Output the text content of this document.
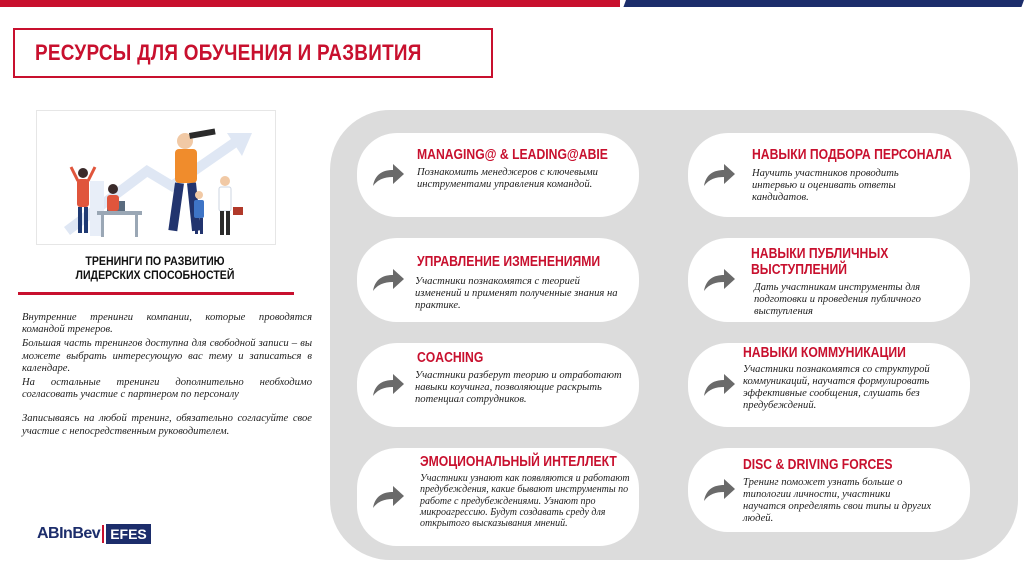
РЕСУРСЫ ДЛЯ ОБУЧЕНИЯ И РАЗВИТИЯ
ТРЕНИНГИ ПО РАЗВИТИЮ
ЛИДЕРСКИХ СПОСОБНОСТЕЙ

Внутренние тренинги компании, которые проводятся командой тренеров.

Большая часть тренингов доступна для свободной записи – вы можете выбрать интересующую вас тему и записаться в календаре.

На остальные тренинги дополнительно необходимо согласовать участие с партнером по персоналу

Записываясь на любой тренинг, обязательно согласуйте свое участие с непосредственным руководителем.

ABInBev EFES
MANAGING@ & LEADING@ABIE
Познакомить менеджеров с ключевыми инструментами управления командой.
НАВЫКИ ПОДБОРА ПЕРСОНАЛА
Научить участников проводить интервью и оценивать ответы кандидатов.
УПРАВЛЕНИЕ ИЗМЕНЕНИЯМИ
Участники познакомятся с теорией изменений и применят полученные знания на практике.
НАВЫКИ ПУБЛИЧНЫХ ВЫСТУПЛЕНИЙ
Дать участникам инструменты для подготовки и проведения публичного выступления
COACHING
Участники разберут теорию и отработают навыки коучинга, позволяющие раскрыть потенциал сотрудников.
НАВЫКИ КОММУНИКАЦИИ
Участники познакомятся со структурой коммуникаций, научатся формулировать эффективные сообщения, слушать без предубеждений.
ЭМОЦИОНАЛЬНЫЙ ИНТЕЛЛЕКТ
Участники узнают как появляются и работают предубеждения, какие бывают инструменты по работе с предубеждениями. Узнают про микроагрессию. Будут создавать среду для открытого высказывания мнений.
DISC & DRIVING FORCES
Тренинг поможет узнать больше о типологии личности, участники научатся определять свои типы и других людей.
